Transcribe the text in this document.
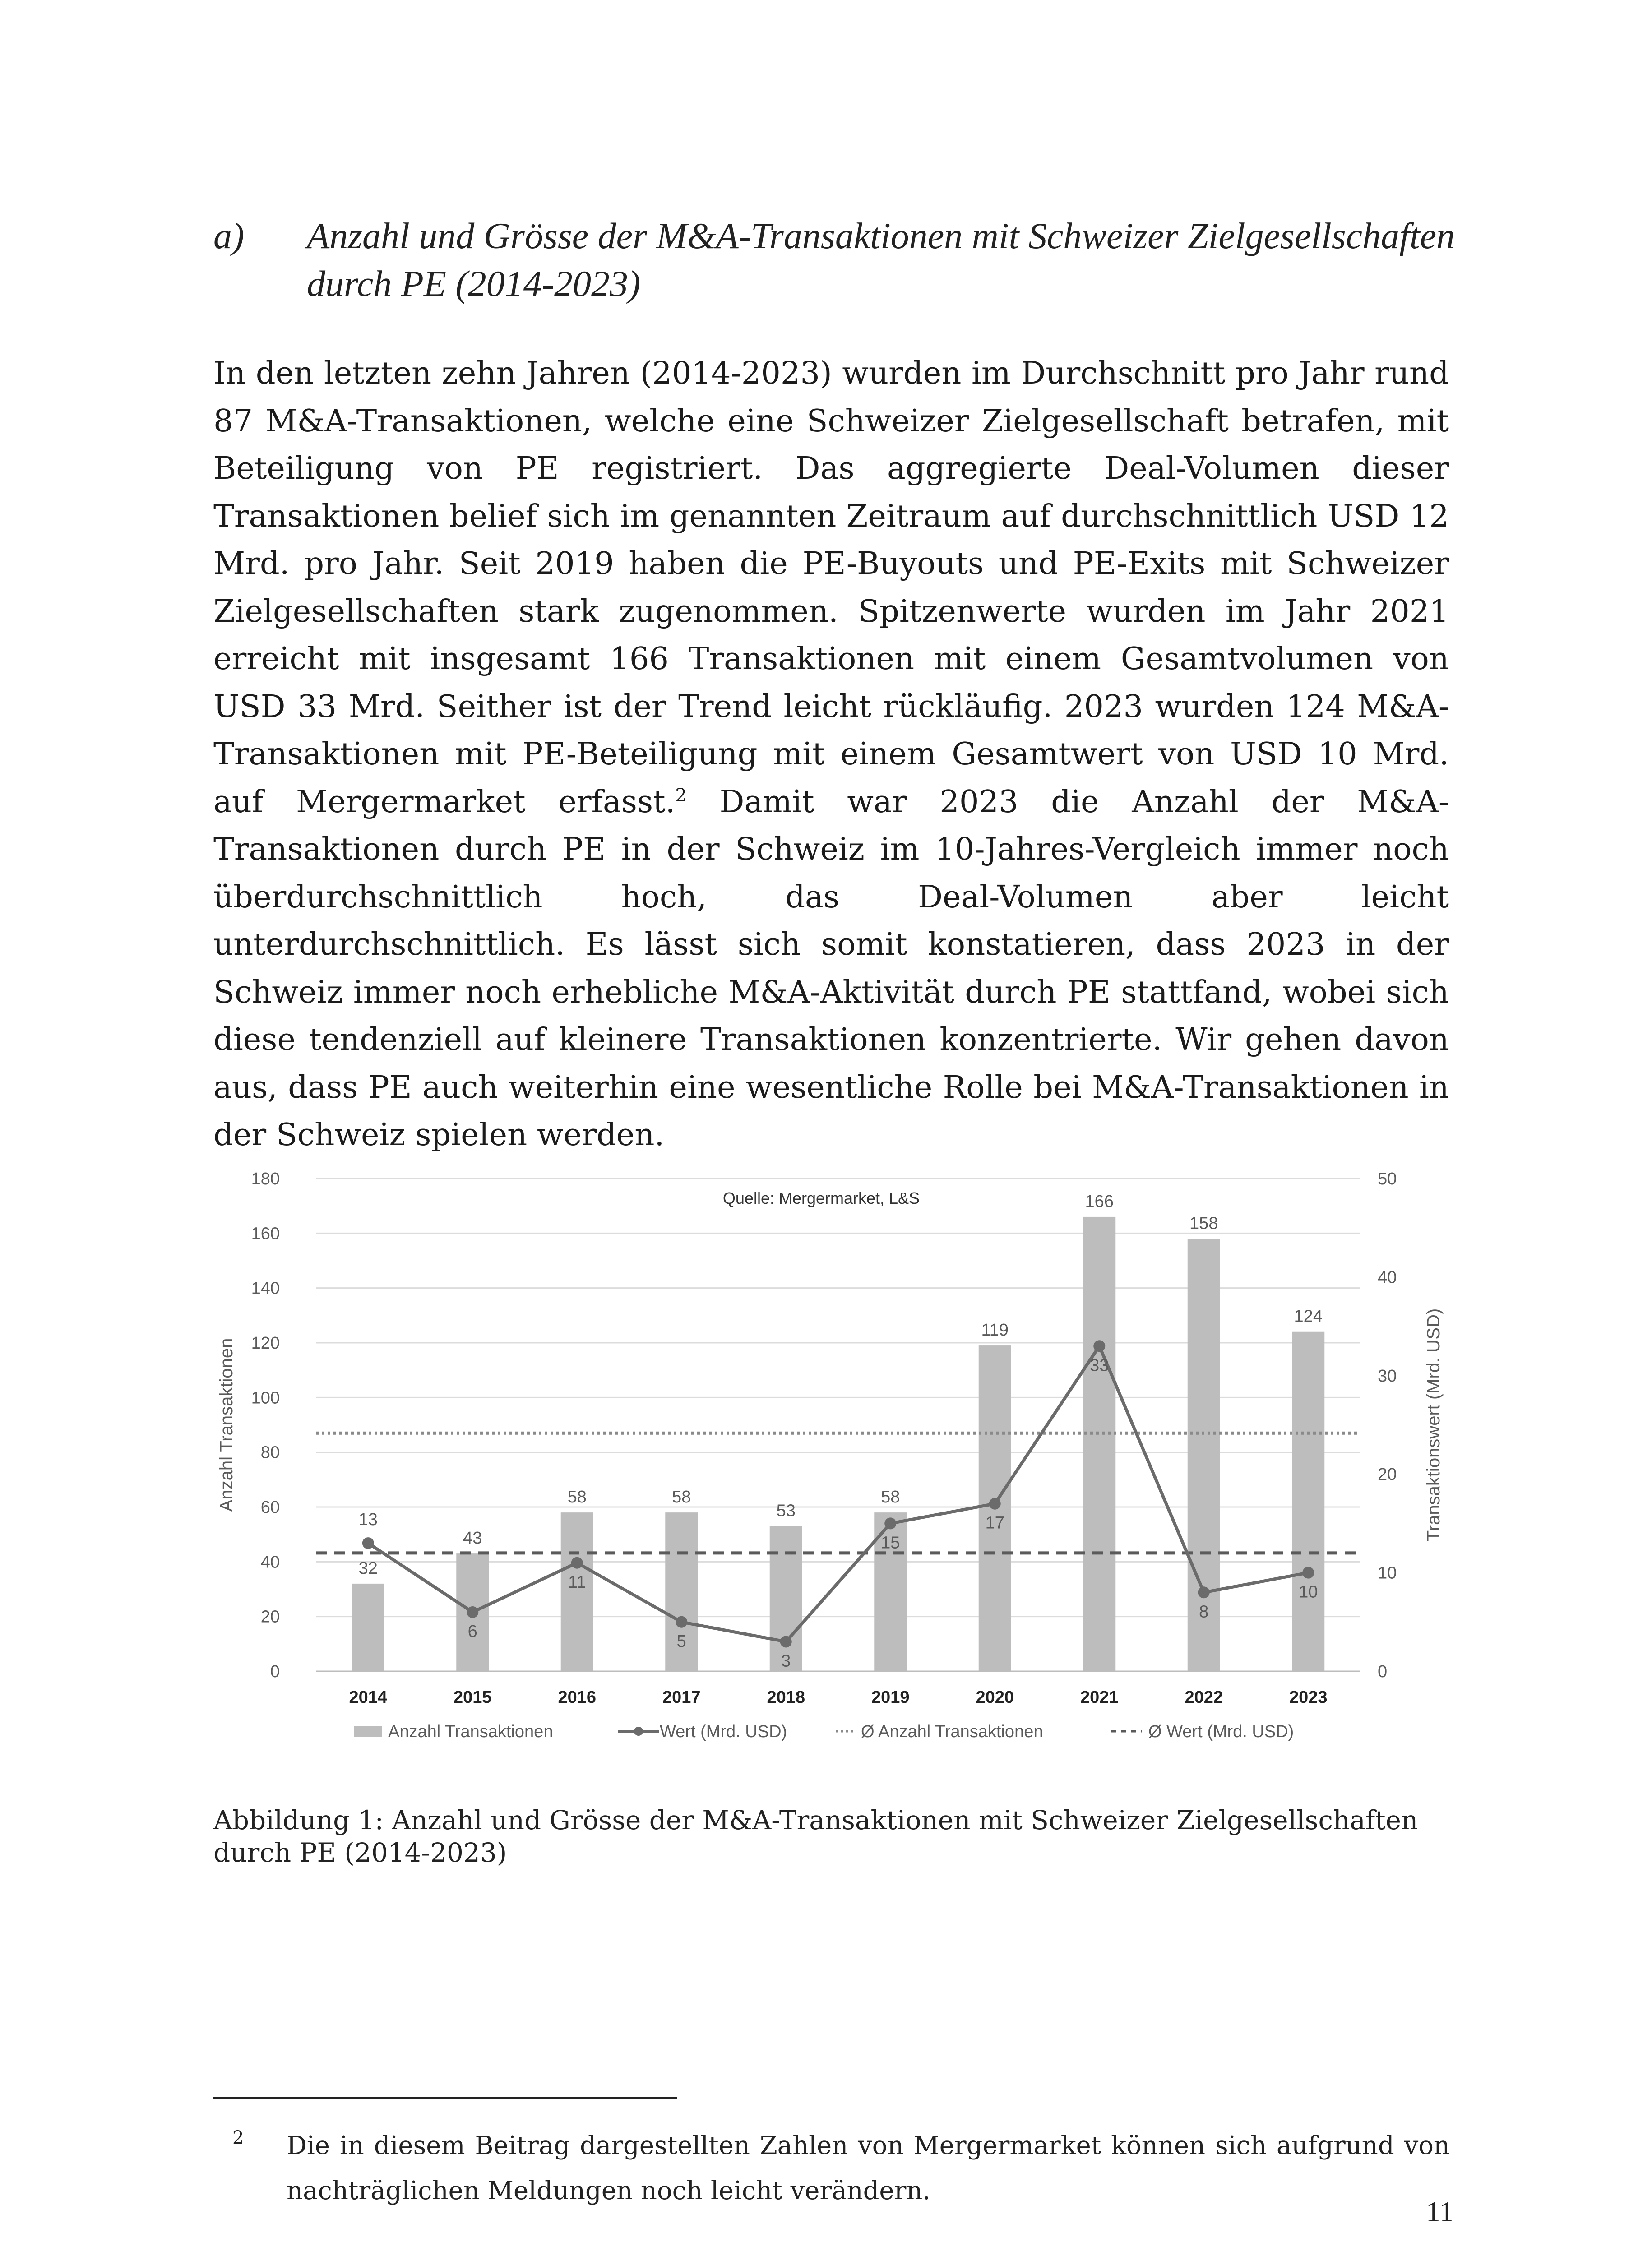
a) Anzahl und Grösse der M&A-Transaktionen mit Schweizer Zielgesellschaften durch PE (2014-2023)

In den letzten zehn Jahren (2014-2023) wurden im Durchschnitt pro Jahr rund 87 M&A-Transaktionen, welche eine Schweizer Zielgesellschaft betrafen, mit Beteiligung von PE registriert. Das aggregierte Deal-Volumen dieser Transaktionen belief sich im genannten Zeitraum auf durchschnittlich USD 12 Mrd. pro Jahr. Seit 2019 haben die PE-Buyouts und PE-Exits mit Schweizer Zielgesellschaften stark zugenommen. Spitzenwerte wurden im Jahr 2021 erreicht mit insgesamt 166 Transaktionen mit einem Gesamtvolumen von USD 33 Mrd. Seither ist der Trend leicht rückläufig. 2023 wurden 124 M&A-Transaktionen mit PE-Beteiligung mit einem Gesamtwert von USD 10 Mrd. auf Mergermarket erfasst.$^2$ Damit war 2023 die Anzahl der M&A-Transaktionen durch PE in der Schweiz im 10-Jahres-Vergleich immer noch überdurchschnittlich hoch, das Deal-Volumen aber leicht unterdurchschnittlich. Es lässt sich somit konstatieren, dass 2023 in der Schweiz immer noch erhebliche M&A-Aktivität durch PE stattfand, wobei sich diese tendenziell auf kleinere Transaktionen konzentrierte. Wir gehen davon aus, dass PE auch weiterhin eine wesentliche Rolle bei M&A-Transaktionen in der Schweiz spielen werden.

32
43
58	58
53
58
119
166
158
124
13
6
11
5
3
15
17
33
8
10
0
20
40
60
80
100
120
140
160
180
0
10
20
30
40
50
Anzahl Transaktionen	Transaktionswert (Mrd. USD)
2014	2015	2016	2017	2018	2019	2020	2021	2022	2023
Anzahl Transaktionen	Wert (Mrd. USD)	Ø Anzahl Transaktionen	Ø Wert (Mrd. USD)
Quelle: Mergermarket, L&S

Abbildung 1: Anzahl und Grösse der M&A-Transaktionen mit Schweizer Zielgesellschaften durch PE (2014-2023)

2 Die in diesem Beitrag dargestellten Zahlen von Mergermarket können sich aufgrund von nachträglichen Meldungen noch leicht verändern.
11
